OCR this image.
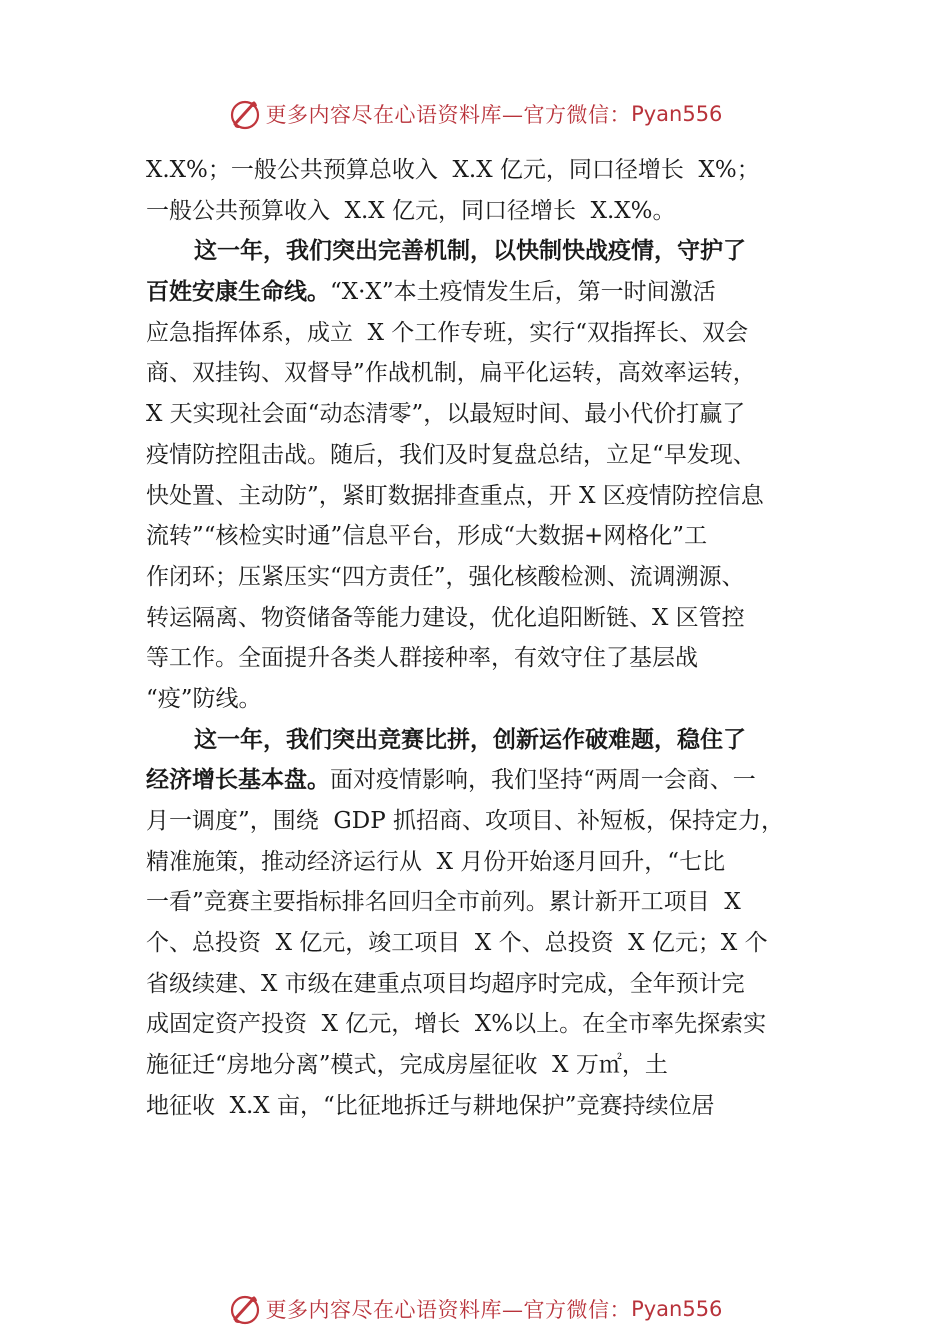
更多内容尽在心语资料库—官方微信： Pyan556
X.X%；一般公共预算总收入  X.X 亿元，同口径增长  X%；
一般公共预算收入  X.X 亿元，同口径增长  X.X%。
这一年，我们突出完善机制，以快制快战疫情，守护了
百姓安康生命线。“X·X”本土疫情发生后，第一时间激活
应急指挥体系，成立  X 个工作专班，实行“双指挥长、双会
商、双挂钩、双督导”作战机制，扁平化运转，高效率运转，
X 天实现社会面“动态清零”，以最短时间、最小代价打赢了
疫情防控阻击战。随后，我们及时复盘总结，立足“早发现、
快处置、主动防”，紧盯数据排查重点，开 X 区疫情防控信息
流转”“核检实时通”信息平台，形成“大数据+网格化”工
作闭环；压紧压实“四方责任”，强化核酸检测、流调溯源、
转运隔离、物资储备等能力建设，优化追阳断链、X 区管控
等工作。全面提升各类人群接种率，有效守住了基层战
“疫”防线。
这一年，我们突出竞赛比拼，创新运作破难题，稳住了
经济增长基本盘。面对疫情影响，我们坚持“两周一会商、一
月一调度”，围绕  GDP 抓招商、攻项目、补短板，保持定力，
精准施策，推动经济运行从  X 月份开始逐月回升，“七比
一看”竞赛主要指标排名回归全市前列。累计新开工项目  X
个、总投资  X 亿元，竣工项目  X 个、总投资  X 亿元；X 个
省级续建、X 市级在建重点项目均超序时完成，全年预计完
成固定资产投资  X 亿元，增长  X%以上。在全市率先探索实
施征迁“房地分离”模式，完成房屋征收  X 万㎡，土
地征收  X.X 亩，“比征地拆迁与耕地保护”竞赛持续位居
更多内容尽在心语资料库—官方微信： Pyan556
